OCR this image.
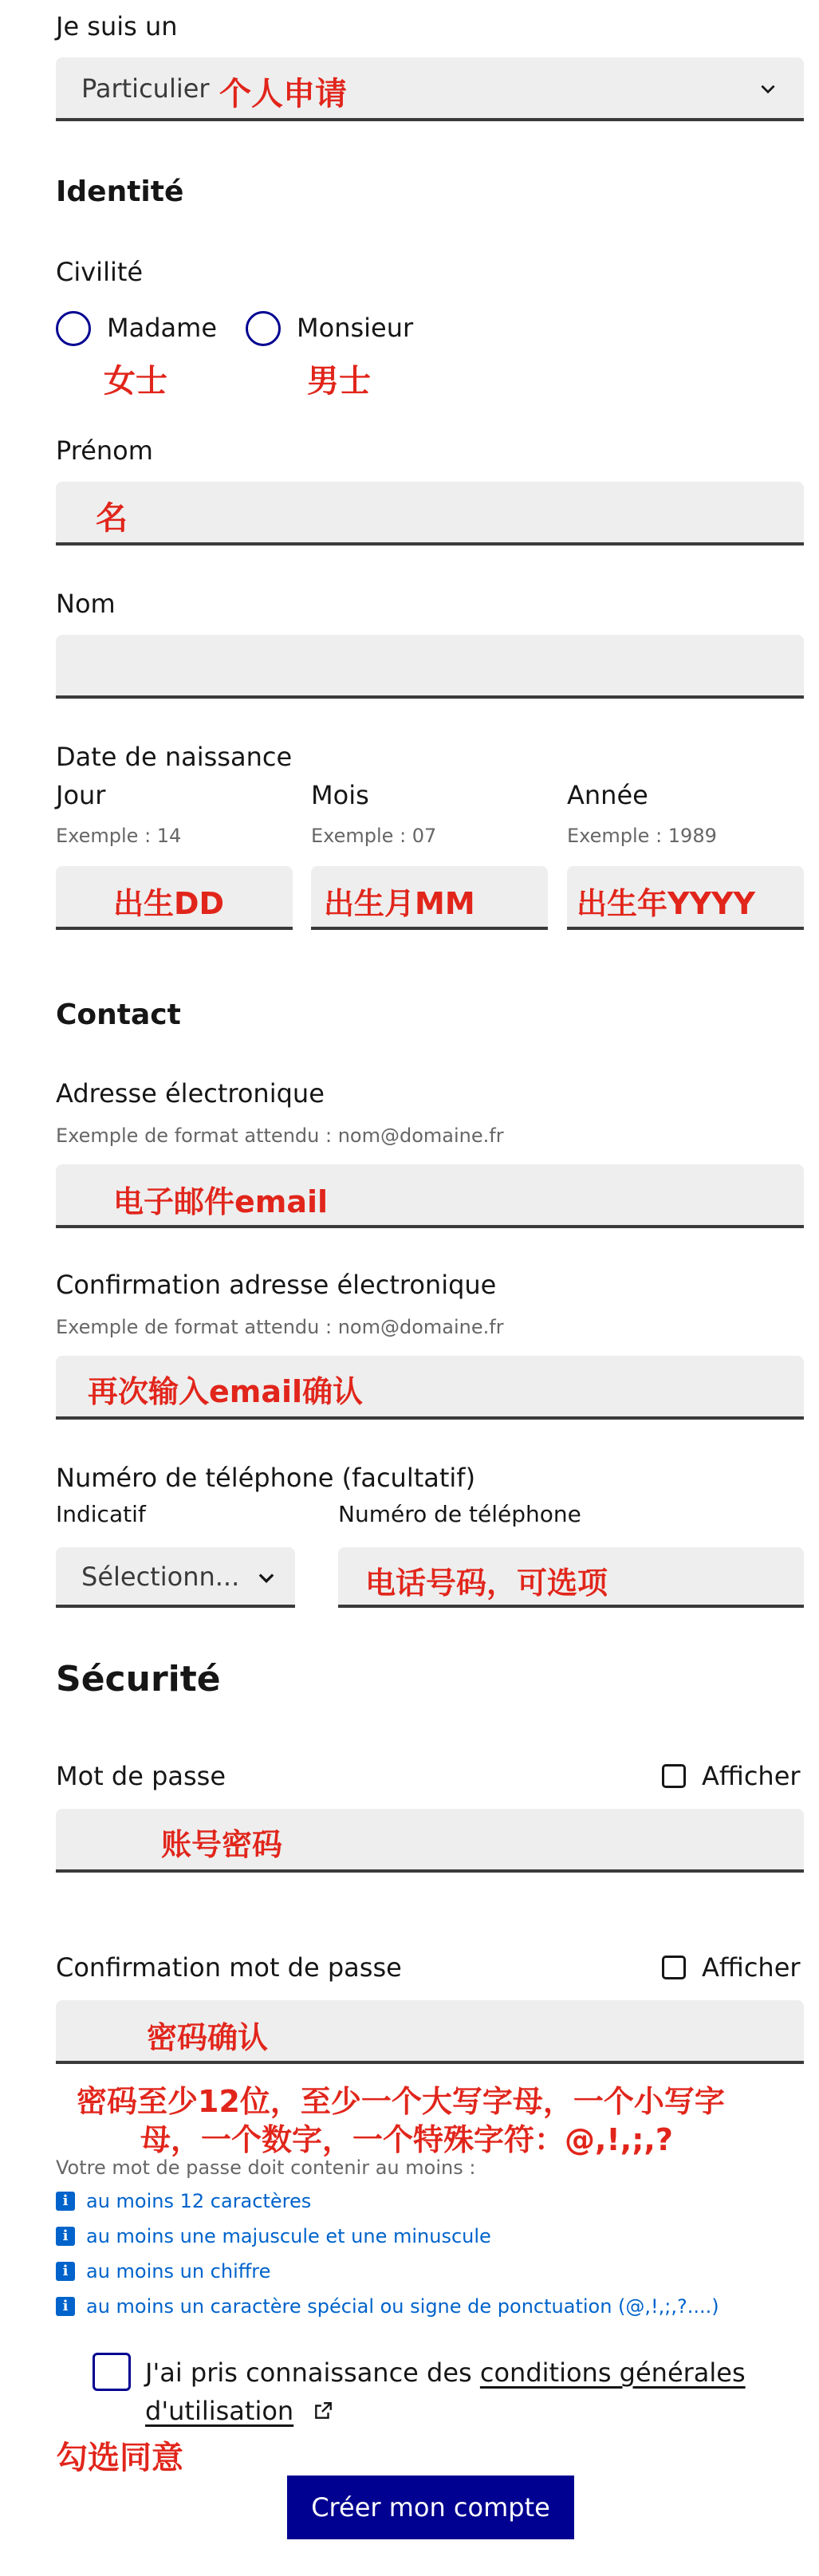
Je suis un
Particulier 个人申请
Identité
Civilité
Madame
女士
Monsieur
男士
Prénom
名
Nom
Date de naissance
Jour
Exemple : 14
出生DD
Mois
Exemple : 07
出生月MM
Année
Exemple : 1989
出生年YYYY
Contact
Adresse électronique
Exemple de format attendu : nom@domaine.fr
电子邮件email
Confirmation adresse électronique
Exemple de format attendu : nom@domaine.fr
再次输入email确认
Numéro de téléphone (facultatif)
Indicatif	Numéro de téléphone
Sélectionn...	电话号码，可选项
Sécurité
Mot de passe	Afficher
账号密码
Confirmation mot de passe	Afficher
密码确认
密码至少12位，至少一个大写字母，一个小写字
母，一个数字，一个特殊字符：@,!,;,?
Votre mot de passe doit contenir au moins :
i au moins 12 caractères
i au moins une majuscule et une minuscule
i au moins un chiffre
i au moins un caractère spécial ou signe de ponctuation (@,!,;,?....)
J'ai pris connaissance des conditions générales
d'utilisation
勾选同意
Créer mon compte
